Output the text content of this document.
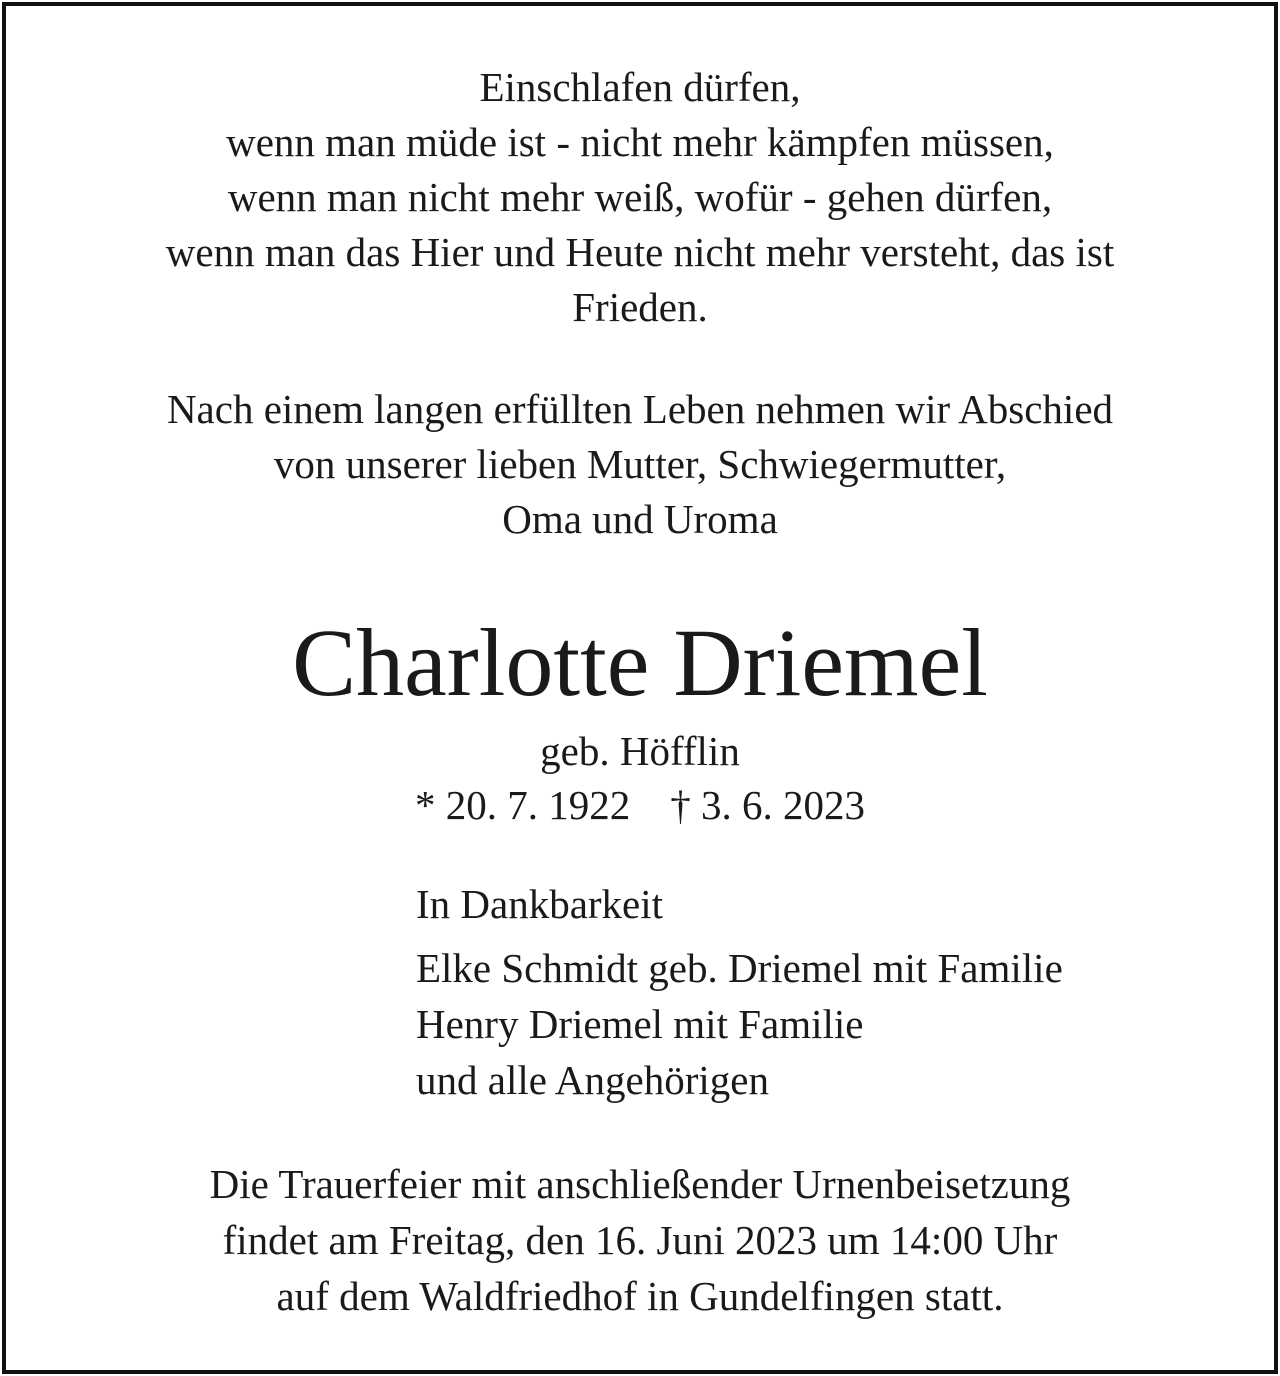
Einschlafen dürfen,
wenn man müde ist - nicht mehr kämpfen müssen,
wenn man nicht mehr weiß, wofür - gehen dürfen,
wenn man das Hier und Heute nicht mehr versteht, das ist
Frieden.
Nach einem langen erfüllten Leben nehmen wir Abschied
von unserer lieben Mutter, Schwiegermutter,
Oma und Uroma
Charlotte Driemel
geb. Höfflin
* 20. 7. 1922 † 3. 6. 2023
In Dankbarkeit
Elke Schmidt geb. Driemel mit Familie
Henry Driemel mit Familie
und alle Angehörigen
Die Trauerfeier mit anschließender Urnenbeisetzung
findet am Freitag, den 16. Juni 2023 um 14:00 Uhr
auf dem Waldfriedhof in Gundelfingen statt.
